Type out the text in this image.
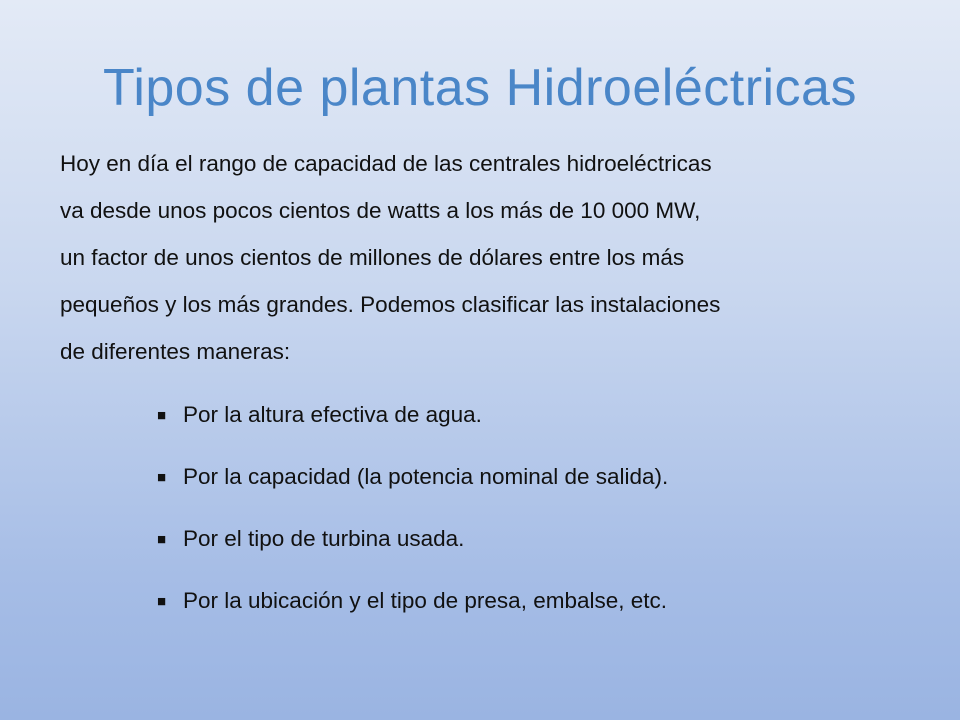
Tipos de plantas Hidroeléctricas
Hoy en día el rango de capacidad de las centrales hidroeléctricas
va desde unos pocos cientos de watts a los más de 10 000 MW,
un factor de unos cientos de millones de dólares entre los más
pequeños y los más grandes. Podemos clasificar las instalaciones
de diferentes maneras:
■ Por la altura efectiva de agua.
■ Por la capacidad (la potencia nominal de salida).
■ Por el tipo de turbina usada.
■ Por la ubicación y el tipo de presa, embalse, etc.
